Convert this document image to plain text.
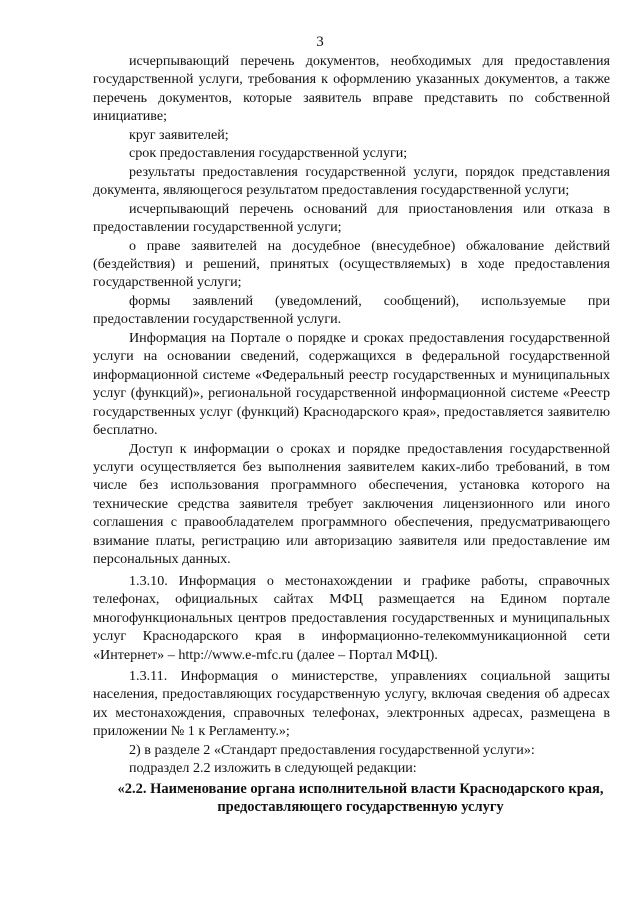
3

исчерпывающий перечень документов, необходимых для предоставления государственной услуги, требования к оформлению указанных документов, а также перечень документов, которые заявитель вправе представить по собственной инициативе;

круг заявителей;

срок предоставления государственной услуги;

результаты предоставления государственной услуги, порядок представления документа, являющегося результатом предоставления государственной услуги;

исчерпывающий перечень оснований для приостановления или отказа в предоставлении государственной услуги;

о праве заявителей на досудебное (внесудебное) обжалование действий (бездействия) и решений, принятых (осуществляемых) в ходе предоставления государственной услуги;

формы заявлений (уведомлений, сообщений), используемые при предоставлении государственной услуги.

Информация на Портале о порядке и сроках предоставления государственной услуги на основании сведений, содержащихся в федеральной государственной информационной системе «Федеральный реестр государственных и муниципальных услуг (функций)», региональной государственной информационной системе «Реестр государственных услуг (функций) Краснодарского края», предоставляется заявителю бесплатно.

Доступ к информации о сроках и порядке предоставления государственной услуги осуществляется без выполнения заявителем каких-либо требований, в том числе без использования программного обеспечения, установка которого на технические средства заявителя требует заключения лицензионного или иного соглашения с правообладателем программного обеспечения, предусматривающего взимание платы, регистрацию или авторизацию заявителя или предоставление им персональных данных.

1.3.10. Информация о местонахождении и графике работы, справочных телефонах, официальных сайтах МФЦ размещается на Едином портале многофункциональных центров предоставления государственных и муниципальных услуг Краснодарского края в информационно-телекоммуникационной сети «Интернет» – http://www.e-mfc.ru (далее – Портал МФЦ).

1.3.11. Информация о министерстве, управлениях социальной защиты населения, предоставляющих государственную услугу, включая сведения об адресах их местонахождения, справочных телефонах, электронных адресах, размещена в приложении № 1 к Регламенту.»;

2) в разделе 2 «Стандарт предоставления государственной услуги»:

подраздел 2.2 изложить в следующей редакции:

«2.2. Наименование органа исполнительной власти Краснодарского края, предоставляющего государственную услугу
